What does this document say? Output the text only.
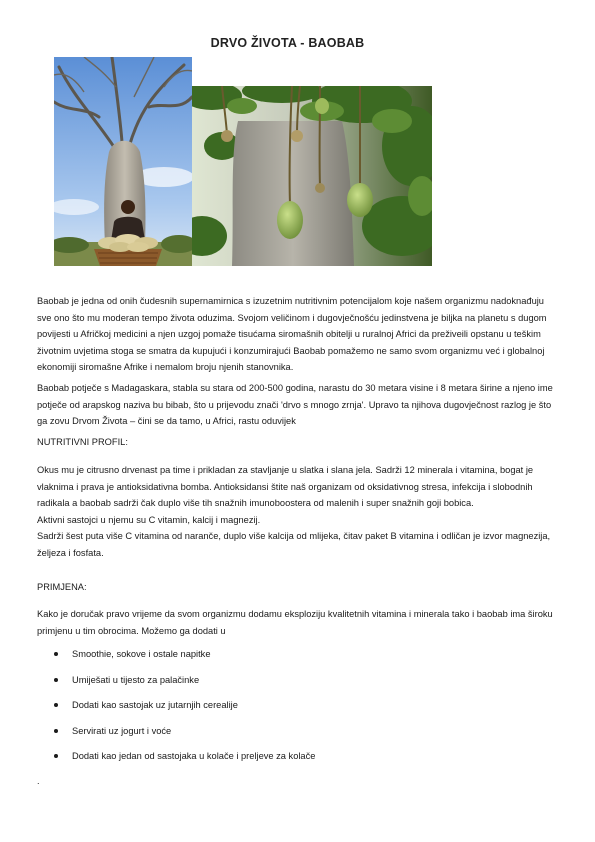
DRVO ŽIVOTA - BAOBAB

Baobab je jedna od onih čudesnih supernamirnica s izuzetnim nutritivnim potencijalom koje našem organizmu nadoknađuju sve ono što mu moderan tempo života oduzima. Svojom veličinom i dugovječnošću jedinstvena je biljka na planetu s dugom povijesti u Afričkoj medicini a njen uzgoj pomaže tisućama siromašnih obitelji u ruralnoj Africi da preživeili opstanu u teškim životnim uvjetima stoga se smatra da kupujući i konzumirajući Baobab pomažemo ne samo svom organizmu već i globalnoj ekonomiji siromašne Afrike i nemalom broju njenih stanovnika.

Baobab potječe s Madagaskara, stabla su stara od 200-500 godina, narastu do 30 metara visine i 8 metara širine a njeno ime potječe od arapskog naziva bu bibab, što u prijevodu znači 'drvo s mnogo zrnja'. Upravo ta njihova dugovječnost razlog je što ga zovu Drvom Života – čini se da tamo, u Africi, rastu oduvijek

NUTRITIVNI PROFIL:

Okus mu je citrusno drvenast pa time i prikladan za stavljanje u slatka i slana jela. Sadrži 12 minerala i vitamina, bogat je vlaknima i prava je antioksidativna bomba. Antioksidansi štite naš organizam od oksidativnog stresa, infekcija i slobodnih radikala a baobab sadrži čak duplo više tih snažnih imunoboostera od malenih i super snažnih goji bobica.

Aktivni sastojci u njemu su C vitamin, kalcij i magnezij.

Sadrži šest puta više C vitamina od naranče, duplo više kalcija od mlijeka, čitav paket B vitamina i odličan je izvor magnezija, željeza i fosfata.

PRIMJENA:

Kako je doručak pravo vrijeme da svom organizmu dodamu eksploziju kvalitetnih vitamina i minerala tako i baobab ima široku primjenu u tim obrocima. Možemo ga dodati u

Smoothie, sokove i ostale napitke
Umiješati u tijesto za palačinke
Dodati kao sastojak uz jutarnjih cerealije
Servirati uz jogurt i voće
Dodati kao jedan od sastojaka u kolače i preljeve za kolače
.
